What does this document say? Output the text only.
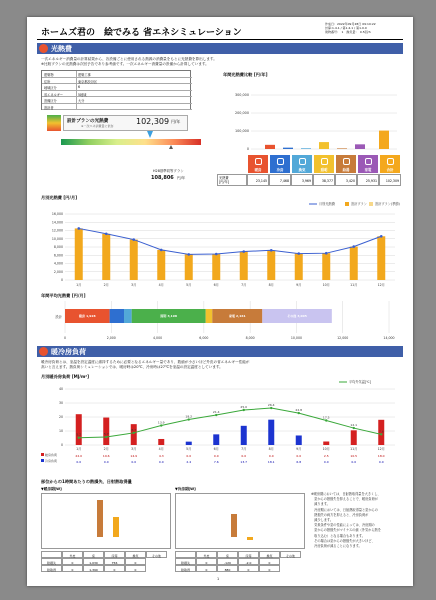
ホームズ君の　絵でみる 省エネシミュレーション
作成日：2022年09月28日 09:10:22
計算:1.4.1 / 第1.4.1 / 第1.0.0
建物番号：　1　換気量：　0.5回/h
光熱費
一次エネルギー消費量の計算結果から、各設備ごとに使用される熱源の消費量をもとに光熱費を算出します。
※比較プランの光熱費は次回予告であり参考値です。一次エネルギー消費量の設備から計算しています。
建築物	建築工事
住所	東京都渋谷区
地域区分	6
省エネルギー	5地域
設備区分	大分
設計者
設計プランの光熱費	102,309 円/年
※一次エネ消費量に依存
H28基準同等プラン
108,806 円/年
年間光熱費比較 [円/年]
300,000
200,000
100,000
0
光熱費
[円/年]
暖房
23,145
冷房
7,468
換気
3,969
照明
38,377
給湯
3,420
家電
25,931
合計
102,309
月別光熱費 [円/月]
16,000
14,000
12,000
10,000
8,000
6,000
4,000
2,000
0
月別光熱費	設計プラン	設計プラン(季節)
1月	2月	3月	4月	5月	6月	7月	8月	9月	10月	11月	12月
年間平均光熱費 [円/月]
0	2,000	4,000	6,000	8,000	10,000	12,000	14,000
設計	暖房 1,928	照明 3,198	家電 2,161	その他 3,005
暖冷房負荷
暖冷房負荷とは、室温を設定温度に維持するために必要となるエネルギー量であり、数値が小さいほど外皮の省エネルギー性能が
高いと言えます。熱負荷シミュレーションでは、暖房時は20℃、冷房時は27℃を室温の設定温度としています。
月別暖冷房負荷 [MJ/m²]
40
30
20
10
0
平均外気温[℃]
5.2
1月
22.0
0.0
5.7
2月
19.6
0.0
8.7
3月
14.9
0.0
13.9
4月
4.3
0.0
18.2
5月
0.0
2.4
21.4
6月
0.0
7.6
25.0
7月
0.0
13.7
26.4
8月
0.0
18.1
22.8
9月
0.0
6.8
17.5
10月
2.5
0.0
12.1
11月
10.5
0.0
7.6
12月
18.0
0.0
暖房負荷
冷房負荷
部位からの1時間あたりの熱損失、日射熱取得量
▼暖房期[W]
外皮	窓	床等	換気	その他
熱損失	0	1,030	756	0
熱取得	0	1,390	0	0
▼冷房期[W]
外皮	窓	床等	換気	その他
熱損失	0	-120	-2.0	0
熱取得	0	880	0	0
※暖房期においては、日射熱取得量を大きくし、
　窓からの熱損失を抑えることで、暖房負荷が
　減ります。
　冷房期においては、日射熱取得量と窓からの
　熱損失の両方を抑えると、冷房負荷が
　減少します。
　気象条件や窓の性能によっては、冷房期の
　窓からの熱損失がマイナスの値（外気から熱を
　取り込む）となる場合もあります。
　その場合は窓からの熱損失が大きいほど、
　冷房負荷が減ることになります。
1
